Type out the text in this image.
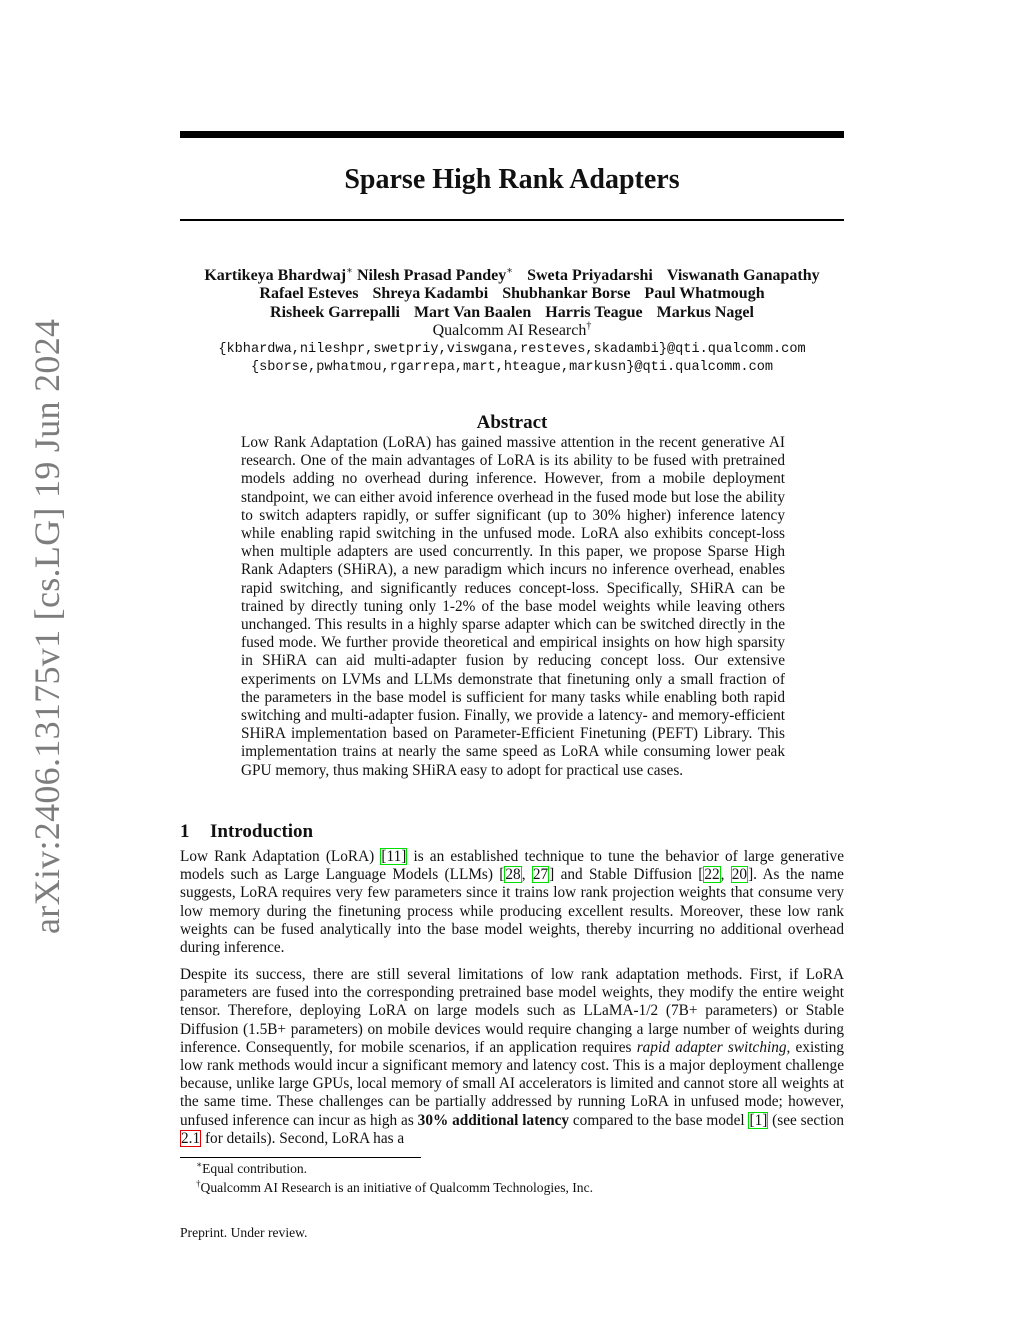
arXiv:2406.13175v1 [cs.LG] 19 Jun 2024
Sparse High Rank Adapters
Kartikeya Bhardwaj∗ Nilesh Prasad Pandey∗ Sweta Priyadarshi Viswanath Ganapathy
Rafael Esteves Shreya Kadambi Shubhankar Borse Paul Whatmough
Risheek Garrepalli Mart Van Baalen Harris Teague Markus Nagel
Qualcomm AI Research†
{kbhardwa,nileshpr,swetpriy,viswgana,resteves,skadambi}@qti.qualcomm.com
{sborse,pwhatmou,rgarrepa,mart,hteague,markusn}@qti.qualcomm.com
Abstract
Low Rank Adaptation (LoRA) has gained massive attention in the recent generative AI research. One of the main advantages of LoRA is its ability to be fused with pretrained models adding no overhead during inference. However, from a mobile deployment standpoint, we can either avoid inference overhead in the fused mode but lose the ability to switch adapters rapidly, or suffer significant (up to 30% higher) inference latency while enabling rapid switching in the unfused mode. LoRA also exhibits concept-loss when multiple adapters are used concurrently. In this paper, we propose Sparse High Rank Adapters (SHiRA), a new paradigm which incurs no inference overhead, enables rapid switching, and significantly reduces concept-loss. Specifically, SHiRA can be trained by directly tuning only 1-2% of the base model weights while leaving others unchanged. This results in a highly sparse adapter which can be switched directly in the fused mode. We further provide theoretical and empirical insights on how high sparsity in SHiRA can aid multi-adapter fusion by reducing concept loss. Our extensive experiments on LVMs and LLMs demonstrate that finetuning only a small fraction of the parameters in the base model is sufficient for many tasks while enabling both rapid switching and multi-adapter fusion. Finally, we provide a latency- and memory-efficient SHiRA implementation based on Parameter-Efficient Finetuning (PEFT) Library. This implementation trains at nearly the same speed as LoRA while consuming lower peak GPU memory, thus making SHiRA easy to adopt for practical use cases.
1 Introduction
Low Rank Adaptation (LoRA) [11] is an established technique to tune the behavior of large generative models such as Large Language Models (LLMs) [28, 27] and Stable Diffusion [22, 20]. As the name suggests, LoRA requires very few parameters since it trains low rank projection weights that consume very low memory during the finetuning process while producing excellent results. Moreover, these low rank weights can be fused analytically into the base model weights, thereby incurring no additional overhead during inference.
Despite its success, there are still several limitations of low rank adaptation methods. First, if LoRA parameters are fused into the corresponding pretrained base model weights, they modify the entire weight tensor. Therefore, deploying LoRA on large models such as LLaMA-1/2 (7B+ parameters) or Stable Diffusion (1.5B+ parameters) on mobile devices would require changing a large number of weights during inference. Consequently, for mobile scenarios, if an application requires rapid adapter switching, existing low rank methods would incur a significant memory and latency cost. This is a major deployment challenge because, unlike large GPUs, local memory of small AI accelerators is limited and cannot store all weights at the same time. These challenges can be partially addressed by running LoRA in unfused mode; however, unfused inference can incur as high as 30% additional latency compared to the base model [1] (see section 2.1 for details). Second, LoRA has a
∗Equal contribution.
†Qualcomm AI Research is an initiative of Qualcomm Technologies, Inc.
Preprint. Under review.
